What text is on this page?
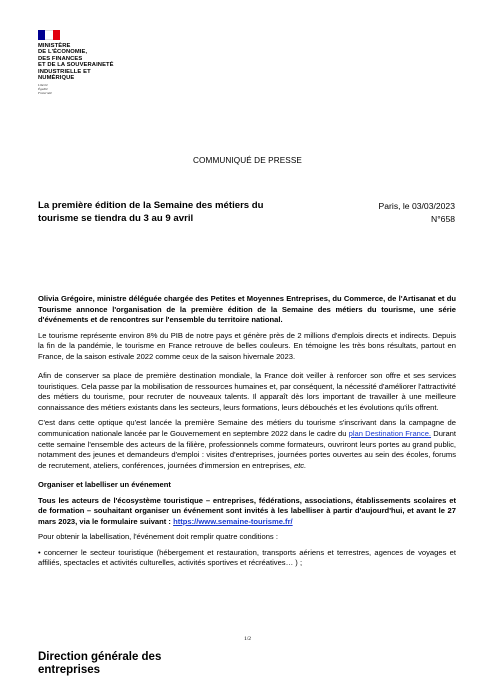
MINISTÈRE
DE L'ÉCONOMIE,
DES FINANCES
ET DE LA SOUVERAINETÉ
INDUSTRIELLE ET NUMÉRIQUE
Liberté
Égalité
Fraternité
COMMUNIQUÉ DE PRESSE
La première édition de la Semaine des métiers du tourisme se tiendra du 3 au 9 avril
Paris, le 03/03/2023
N°658

Olivia Grégoire, ministre déléguée chargée des Petites et Moyennes Entreprises, du Commerce, de l'Artisanat et du Tourisme annonce l'organisation de la première édition de la Semaine des métiers du tourisme, une série d'événements et de rencontres sur l'ensemble du territoire national.

Le tourisme représente environ 8% du PIB de notre pays et génère près de 2 millions d'emplois directs et indirects. Depuis la fin de la pandémie, le tourisme en France retrouve de belles couleurs. En témoigne les très bons résultats, partout en France, de la saison estivale 2022 comme ceux de la saison hivernale 2023.

Afin de conserver sa place de première destination mondiale, la France doit veiller à renforcer son offre et ses services touristiques. Cela passe par la mobilisation de ressources humaines et, par conséquent, la nécessité d'améliorer l'attractivité des métiers du tourisme, pour recruter de nouveaux talents. Il apparaît dès lors important de travailler à une meilleure connaissance des métiers existants dans les secteurs, leurs formations, leurs débouchés et les évolutions qu'ils offrent.

C'est dans cette optique qu'est lancée la première Semaine des métiers du tourisme s'inscrivant dans la campagne de communication nationale lancée par le Gouvernement en septembre 2022 dans le cadre du plan Destination France. Durant cette semaine l'ensemble des acteurs de la filière, professionnels comme formateurs, ouvriront leurs portes au grand public, notamment des jeunes et demandeurs d'emploi : visites d'entreprises, journées portes ouvertes au sein des écoles, forums de recrutement, ateliers, conférences, journées d'immersion en entreprises, etc.

Organiser et labelliser un événement

Tous les acteurs de l'écosystème touristique – entreprises, fédérations, associations, établissements scolaires et de formation – souhaitant organiser un événement sont invités à les labelliser à partir d'aujourd'hui, et avant le 27 mars 2023, via le formulaire suivant : https://www.semaine-tourisme.fr/

Pour obtenir la labellisation, l'événement doit remplir quatre conditions :

• concerner le secteur touristique (hébergement et restauration, transports aériens et terrestres, agences de voyages et affiliés, spectacles et activités culturelles, activités sportives et récréatives… ) ;

1/2
Direction générale des
entreprises
